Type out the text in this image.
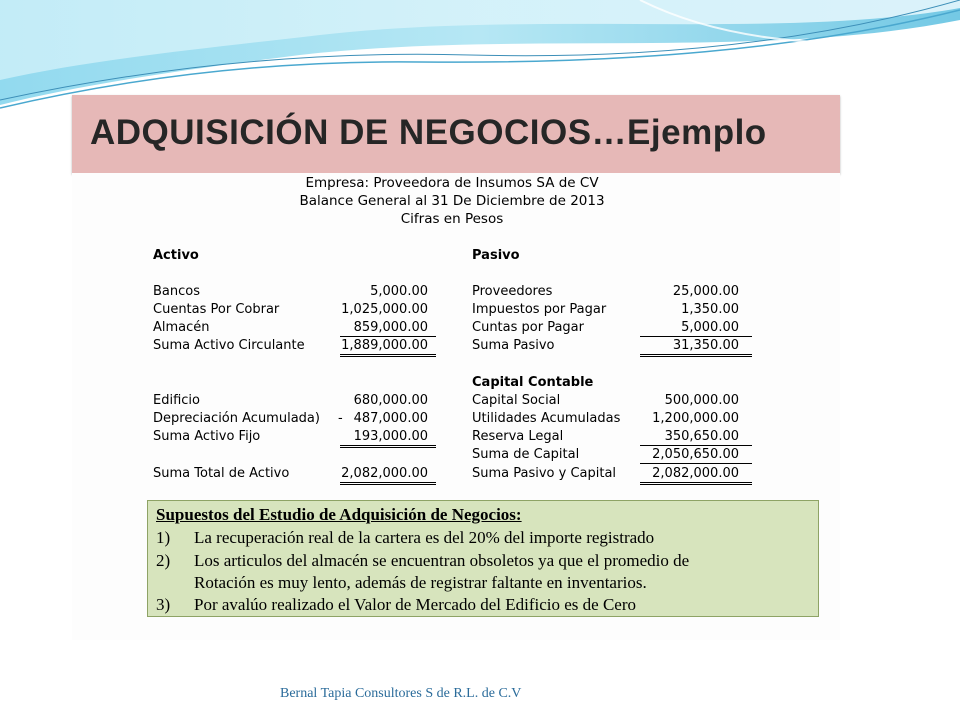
ADQUISICIÓN DE NEGOCIOS…Ejemplo
Empresa: Proveedora de Insumos SA de CV
Balance General al 31 De Diciembre de 2013
Cifras en Pesos
Activo
Bancos	5,000.00
Cuentas Por Cobrar	1,025,000.00
Almacén	859,000.00
Suma Activo Circulante	1,889,000.00
Edificio	680,000.00
Depreciación Acumulada) - 487,000.00
Suma Activo Fijo	193,000.00
Suma Total de Activo	2,082,000.00
Pasivo
Proveedores	25,000.00
Impuestos por Pagar	1,350.00
Cuntas por Pagar	5,000.00
Suma Pasivo	31,350.00
Capital Contable
Capital Social	500,000.00
Utilidades Acumuladas	1,200,000.00
Reserva Legal	350,650.00
Suma de Capital	2,050,650.00
Suma Pasivo y Capital	2,082,000.00
Supuestos del Estudio de Adquisición de Negocios:
1) La recuperación real de la cartera es del 20% del importe registrado
2) Los articulos del almacén se encuentran obsoletos ya que el promedio de
Rotación es muy lento, además de registrar faltante en inventarios.
3) Por avalúo realizado el Valor de Mercado del Edificio es de Cero
Bernal Tapia Consultores S de R.L. de C.V
